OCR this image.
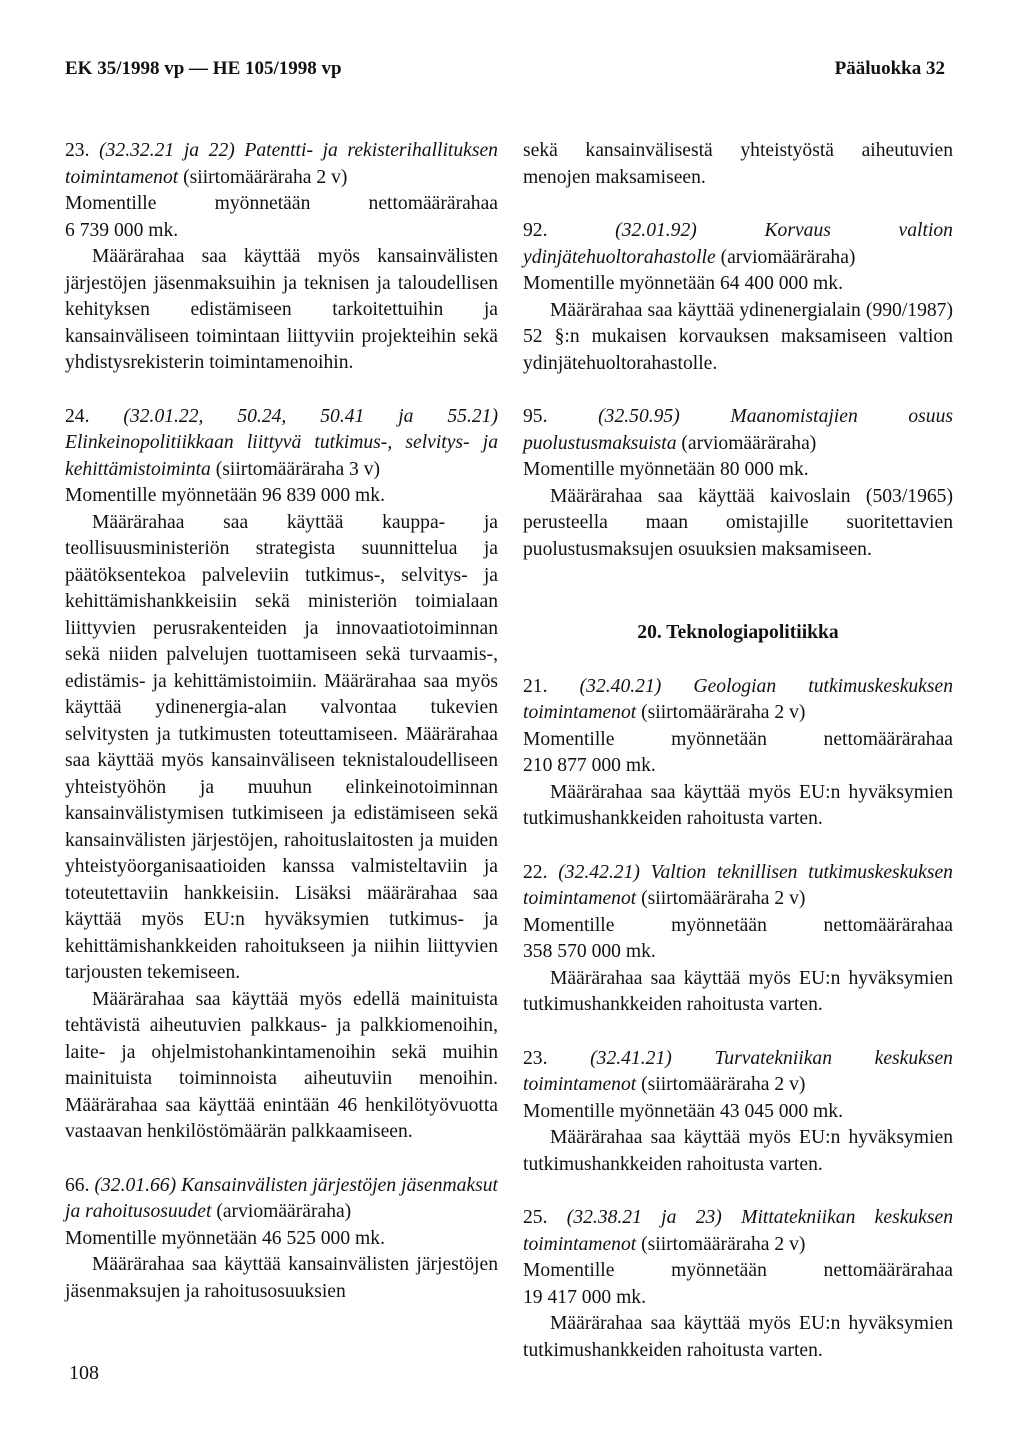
EK 35/1998 vp — HE 105/1998 vp	Pääluokka 32

23. (32.32.21 ja 22) Patentti- ja rekisterihallituksen toimintamenot (siirtomääräraha 2 v)

Momentille	myönnetään	nettomäärärahaa

6 739 000 mk.

Määrärahaa saa käyttää myös kansainvälisten järjestöjen jäsenmaksuihin ja teknisen ja taloudellisen kehityksen edistämiseen tarkoitettuihin ja kansainväliseen toimintaan liittyviin projekteihin sekä yhdistysrekisterin toimintamenoihin.

24. (32.01.22, 50.24, 50.41 ja 55.21) Elinkeinopolitiikkaan liittyvä tutkimus-, selvitys- ja kehittämistoiminta (siirtomääräraha 3 v)

Momentille myönnetään 96 839 000 mk.

Määrärahaa saa käyttää kauppa- ja teollisuusministeriön strategista suunnittelua ja päätöksentekoa palveleviin tutkimus-, selvitys- ja kehittämishankkeisiin sekä ministeriön toimialaan liittyvien perusrakenteiden ja innovaatiotoiminnan sekä niiden palvelujen tuottamiseen sekä turvaamis-, edistämis- ja kehittämistoimiin. Määrärahaa saa myös käyttää ydinenergia-alan valvontaa tukevien selvitysten ja tutkimusten toteuttamiseen. Määrärahaa saa käyttää myös kansainväliseen teknistaloudelliseen yhteistyöhön ja muuhun elinkeinotoiminnan kansainvälistymisen tutkimiseen ja edistämiseen sekä kansainvälisten järjestöjen, rahoituslaitosten ja muiden yhteistyöorganisaatioiden kanssa valmisteltaviin ja toteutettaviin hankkeisiin. Lisäksi määrärahaa saa käyttää myös EU:n hyväksymien tutkimus- ja kehittämishankkeiden rahoitukseen ja niihin liittyvien tarjousten tekemiseen.

Määrärahaa saa käyttää myös edellä mainituista tehtävistä aiheutuvien palkkaus- ja palkkiomenoihin, laite- ja ohjelmistohankintamenoihin sekä muihin mainituista toiminnoista aiheutuviin menoihin. Määrärahaa saa käyttää enintään 46 henkilötyövuotta vastaavan henkilöstömäärän palkkaamiseen.

66. (32.01.66) Kansainvälisten järjestöjen jäsenmaksut ja rahoitusosuudet (arviomääräraha)

Momentille myönnetään 46 525 000 mk.

Määrärahaa saa käyttää kansainvälisten järjestöjen jäsenmaksujen ja rahoitusosuuksien

sekä kansainvälisestä yhteistyöstä aiheutuvien menojen maksamiseen.

92.	(32.01.92)	Korvaus valtion ydinjätehuoltorahastolle (arviomääräraha)

Momentille myönnetään 64 400 000 mk.

Määrärahaa saa käyttää ydinenergialain (990/1987) 52 §:n mukaisen korvauksen maksamiseen valtion ydinjätehuoltorahastolle.

95.	(32.50.95)	Maanomistajien osuus puolustusmaksuista (arviomääräraha)

Momentille myönnetään 80 000 mk.

Määrärahaa saa käyttää kaivoslain (503/1965) perusteella maan omistajille suoritettavien puolustusmaksujen osuuksien maksamiseen.

20. Teknologiapolitiikka

21. (32.40.21) Geologian tutkimuskeskuksen toimintamenot (siirtomääräraha 2 v)

Momentille	myönnetään	nettomäärärahaa

210 877 000 mk.

Määrärahaa saa käyttää myös EU:n hyväksymien tutkimushankkeiden rahoitusta varten.

22. (32.42.21) Valtion teknillisen tutkimuskeskuksen toimintamenot (siirtomääräraha 2 v)

Momentille	myönnetään	nettomäärärahaa

358 570 000 mk.

Määrärahaa saa käyttää myös EU:n hyväksymien tutkimushankkeiden rahoitusta varten.

23. (32.41.21) Turvatekniikan keskuksen toimintamenot (siirtomääräraha 2 v)

Momentille myönnetään 43 045 000 mk.

Määrärahaa saa käyttää myös EU:n hyväksymien tutkimushankkeiden rahoitusta varten.

25. (32.38.21 ja 23) Mittatekniikan keskuksen toimintamenot (siirtomääräraha 2 v)

Momentille	myönnetään	nettomäärärahaa

19 417 000 mk.

Määrärahaa saa käyttää myös EU:n hyväksymien tutkimushankkeiden rahoitusta varten.

108
